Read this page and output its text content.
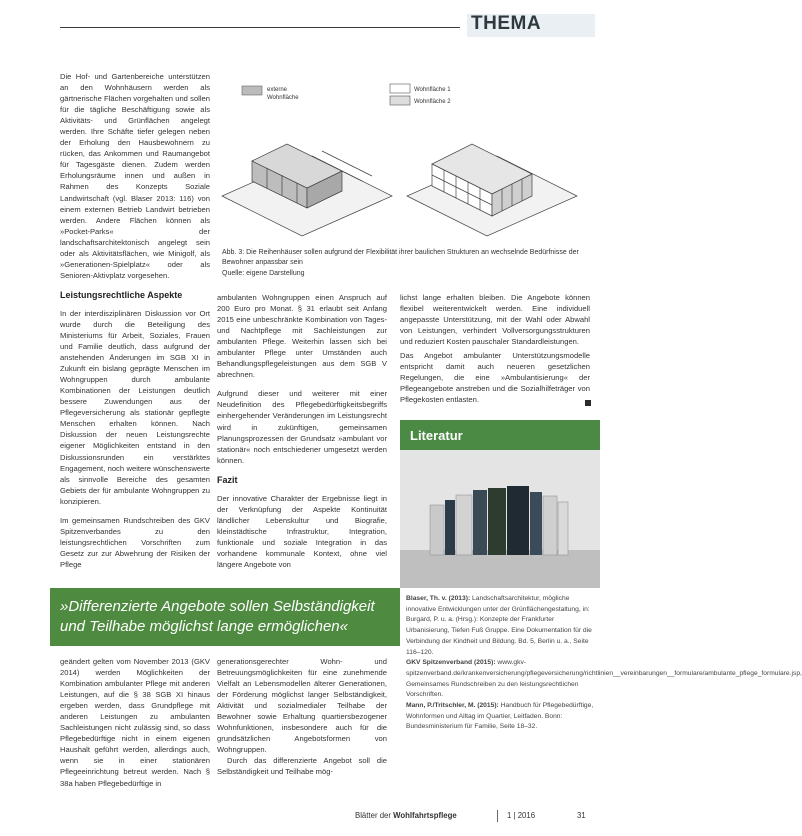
THEMA

Die Hof- und Gartenbereiche unterstützen an den Wohnhäusern werden als gärtnerische Flächen vorgehalten und sollen für die tägliche Beschäftigung sowie als Aktivitäts- und Grünflächen angelegt werden. Ihre Schäfte tiefer gelegen neben der Erholung den Hausbewohnern zu rücken, das Ankommen und Raumangebot für Tagesgäste dienen. Zudem werden Erholungsräume innen und außen in Rahmen des Konzepts Soziale Landwirtschaft (vgl. Blaser 2013: 116) von einem externen Betrieb Landwirt betrieben werden. Andere Flächen können als »Pocket-Parks« der landschaftsarchitektonisch angelegt sein oder als Aktivitätsflächen, wie Minigolf, als »Generationen-Spielplatz« oder als Senioren-Aktivplatz vorgesehen.

Leistungsrechtliche Aspekte

In der interdisziplinären Diskussion vor Ort wurde durch die Beteiligung des Ministeriums für Arbeit, Soziales, Frauen und Familie deutlich, dass aufgrund der anstehenden Änderungen im SGB XI in Zukunft ein bislang geprägte Menschen im Wohngruppen durch ambulante Kombinationen der Leistungen deutlich bessere Zuwendungen aus der Pflegeversicherung als stationär gepflegte Menschen erhalten können. Nach Diskussion der neuen Leistungsrechte eigener Möglichkeiten entstand in den Diskussionsrunden ein verstärktes Engagement, noch weitere wünschenswerte als sinnvolle Bereiche des gesamten Gebiets der für ambulante Wohngruppen zu konzipieren.

Im gemeinsamen Rundschreiben des GKV Spitzenverbandes zu den leistungsrechtlichen Vorschriften zum Gesetz zur zur Abwehrung der Risiken der Pflege

externe
Wohnfläche
Wohnfläche 1
Wohnfläche 2
Abb. 3: Die Reihenhäuser sollen aufgrund der Flexibilität ihrer baulichen Strukturen an wechselnde Bedürfnisse der Bewohner anpassbar sein
Quelle: eigene Darstellung

ambulanten Wohngruppen einen Anspruch auf 200 Euro pro Monat. § 31 erlaubt seit Anfang 2015 eine unbeschränkte Kombination von Tages- und Nachtpflege mit Sachleistungen zur ambulanten Pflege. Weiterhin lassen sich bei ambulanter Pflege unter Umständen auch Behandlungspflegeleistungen aus dem SGB V abrechnen.

Aufgrund dieser und weiterer mit einer Neudefinition des Pflegebedürftigkeitsbegriffs einhergehender Veränderungen im Leistungsrecht wird in zukünftigen, gemeinsamen Planungsprozessen der Grundsatz »ambulant vor stationär« noch entschiedener umgesetzt werden können.

Fazit

Der innovative Charakter der Ergebnisse liegt in der Verknüpfung der Aspekte Kontinuität ländlicher Lebenskultur und Biografie, kleinstädtische Infrastruktur, Integration, funktionale und soziale Integration in das vorhandene kommunale Kontext, ohne viel längere Angebote von

lichst lange erhalten bleiben. Die Angebote können flexibel weiterentwickelt werden. Eine individuell angepasste Unterstützung, mit der Wahl oder Abwahl von Leistungen, verhindert Vollversorgungsstrukturen und reduziert Kosten pauschaler Standardleistungen.

Das Angebot ambulanter Unterstützungsmodelle entspricht damit auch neueren gesetzlichen Regelungen, die eine »Ambulantisierung« der Pflegeangebote anstreben und die Sozialhilfeträger von Pflegekosten entlasten.

Literatur
Blaser, Th. v. (2013): Landschaftsarchitektur, mögliche innovative Entwicklungen unter der Grünflächengestaltung, in: Burgard, P. u. a. (Hrsg.): Konzepte der Frankfurter Urbanisierung, Tiefen Fuß Gruppe. Eine Dokumentation für die Verbindung der Kindheit und Bildung. Bd. 5, Berlin u. a., Seite 116–120.
GKV Spitzenverband (2015): www.gkv-spitzenverband.de/krankenversicherung/pflegeversicherung/richtlinien__vereinbarungen__formulare/ambulante_pflege_formulare.jsp, Gemeinsames Rundschreiben zu den leistungsrechtlichen Vorschriften.
Mann, P./Tritschler, M. (2015): Handbuch für Pflegebedürftige, Wohnformen und Alltag im Quartier, Leitfaden. Bonn: Bundesministerium für Familie, Seite 18–32.
»Differenzierte Angebote sollen Selbständigkeit
und Teilhabe möglichst lange ermöglichen«

geändert gelten vom November 2013 (GKV 2014) werden Möglichkeiten der Kombination ambulanter Pflege mit anderen Leistungen, auf die § 38 SGB XI hinaus ergeben werden, dass Grundpflege mit anderen Leistungen zu ambulanten Sachleistungen nicht zulässig sind, so dass Pflegebedürftige nicht in einem eigenen Haushalt geführt werden, allerdings auch, wenn sie in einer stationären Pflegeeinrichtung betreut werden. Nach § 38a haben Pflegebedürftige in

generationsgerechter Wohn- und Betreuungsmöglichkeiten für eine zunehmende Vielfalt an Lebensmodellen älterer Generationen, der Förderung möglichst langer Selbständigkeit, Aktivität und sozialmedialer Teilhabe der Bewohner sowie Erhaltung quartiersbezogener Wohnfunktionen, insbesondere auch für die grundsätzlichen Angebotsformen von Wohngruppen.

Durch das differenzierte Angebot soll die Selbständigkeit und Teilhabe mög-

Blätter der Wohlfahrtspflege	1 | 2016	31
